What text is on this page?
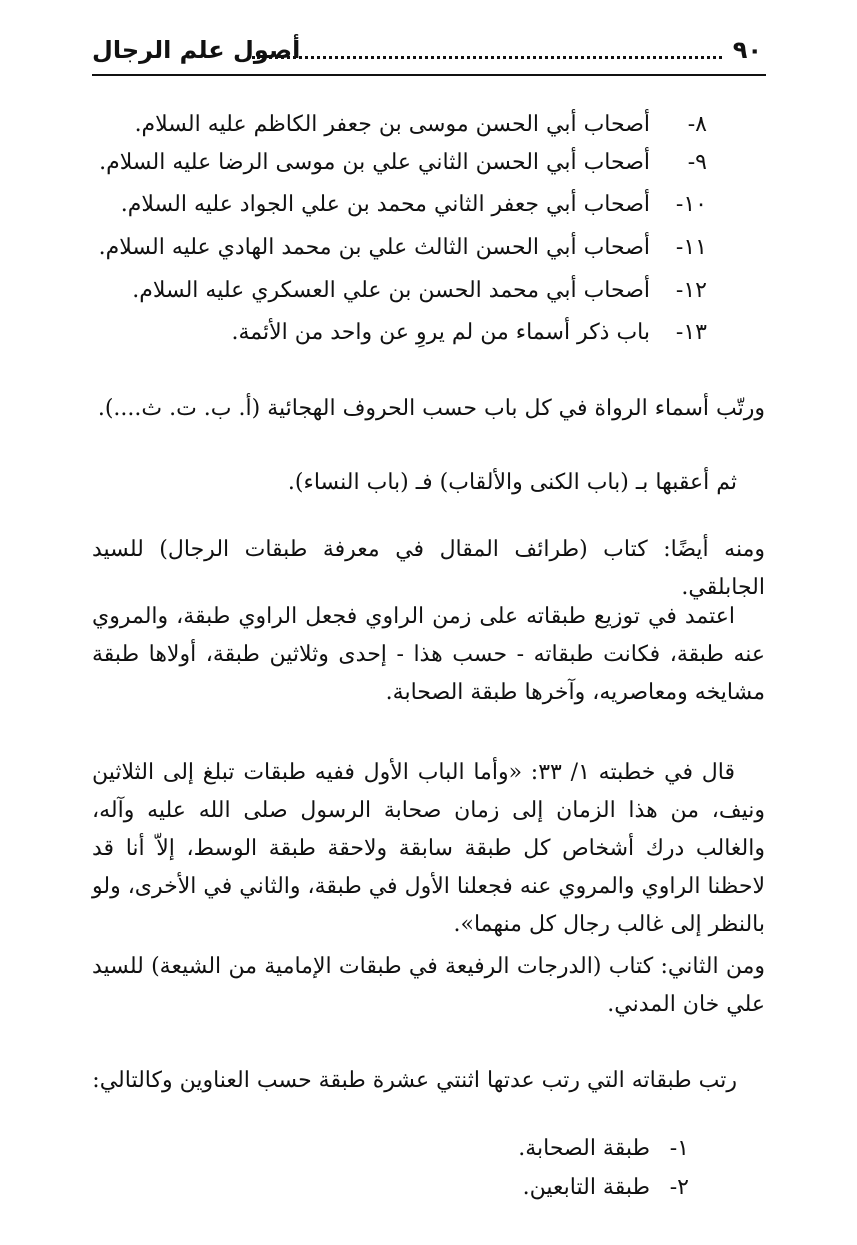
٩٠
أصول علم الرجال
٨- أصحاب أبي الحسن موسى بن جعفر الكاظم عليه السلام.
٩- أصحاب أبي الحسن الثاني علي بن موسى الرضا عليه السلام.
١٠- أصحاب أبي جعفر الثاني محمد بن علي الجواد عليه السلام.
١١- أصحاب أبي الحسن الثالث علي بن محمد الهادي عليه السلام.
١٢- أصحاب أبي محمد الحسن بن علي العسكري عليه السلام.
١٣- باب ذكر أسماء من لم يروِ عن واحد من الأئمة.
ورتّب أسماء الرواة في كل باب حسب الحروف الهجائية (أ. ب. ت. ث....).
ثم أعقبها بـ (باب الكنى والألقاب) فـ (باب النساء).
ومنه أيضًا: كتاب (طرائف المقال في معرفة طبقات الرجال) للسيد الجابلقي.
اعتمد في توزيع طبقاته على زمن الراوي فجعل الراوي طبقة، والمروي عنه طبقة، فكانت طبقاته - حسب هذا - إحدى وثلاثين طبقة، أولاها طبقة مشايخه ومعاصريه، وآخرها طبقة الصحابة.
قال في خطبته ١/ ٣٣: «وأما الباب الأول ففيه طبقات تبلغ إلى الثلاثين ونيف، من هذا الزمان إلى زمان صحابة الرسول صلى الله عليه وآله، والغالب درك أشخاص كل طبقة سابقة ولاحقة طبقة الوسط، إلاّ أنا قد لاحظنا الراوي والمروي عنه فجعلنا الأول في طبقة، والثاني في الأخرى، ولو بالنظر إلى غالب رجال كل منهما».
ومن الثاني: كتاب (الدرجات الرفيعة في طبقات الإمامية من الشيعة) للسيد علي خان المدني.
رتب طبقاته التي رتب عدتها اثنتي عشرة طبقة حسب العناوين وكالتالي:
١- طبقة الصحابة.
٢- طبقة التابعين.
